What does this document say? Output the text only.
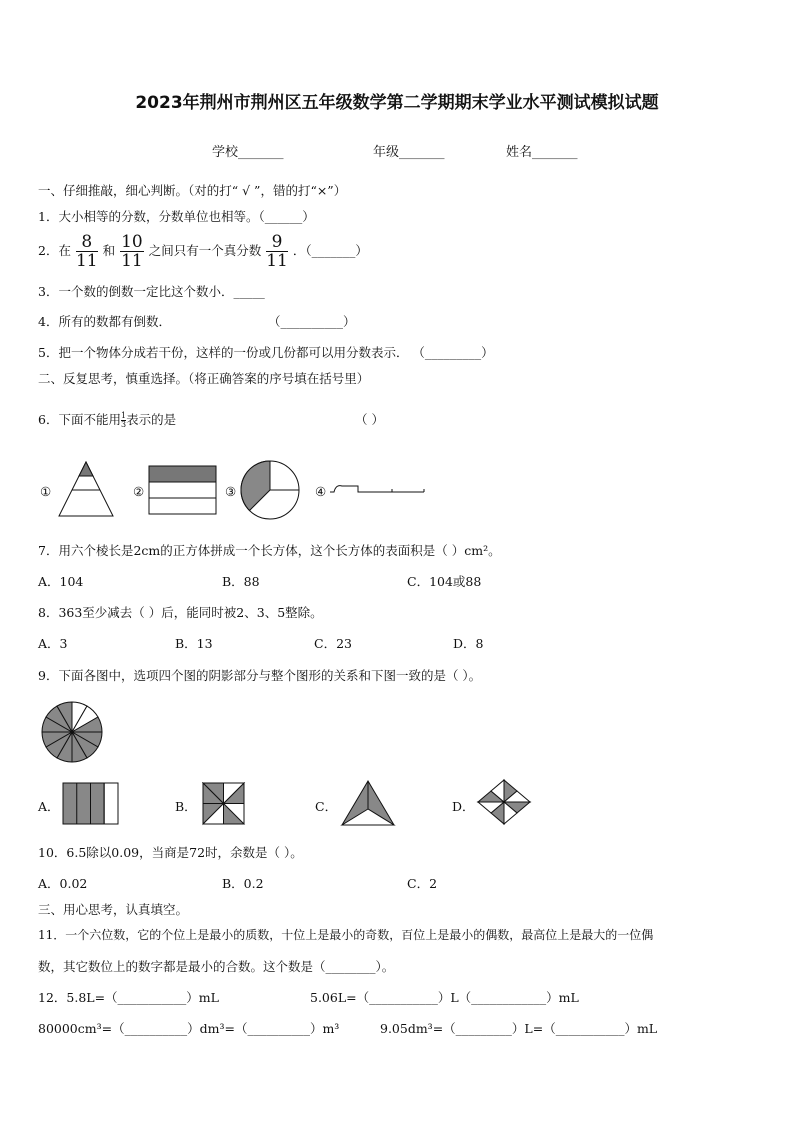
2023年荆州市荆州区五年级数学第二学期期末学业水平测试模拟试题
学校_______	年级_______	姓名_______
一、仔细推敲，细心判断。（对的打“ √ ”，错的打“×”）
1．大小相等的分数，分数单位也相等。（______）
2．在 $\frac{8}{11}$ 和 $\frac{10}{11}$ 之间只有一个真分数 $\frac{9}{11}$ ．（_______）
3．一个数的倒数一定比这个数小．_____
4．所有的数都有倒数．	（__________）
5．把一个物体分成若干份，这样的一份或几份都可以用分数表示． （_________）
二、反复思考，慎重选择。（将正确答案的序号填在括号里）
6．下面不能用 $\frac{1}{3}$表示的是	（ ）
①	②	③	④
7．用六个棱长是2cm的正方体拼成一个长方体，这个长方体的表面积是（ ）cm²。
A．104	B．88	C．104或88
8．363至少减去（ ）后，能同时被2、3、5整除。
A．3	B．13	C．23	D．8
9．下面各图中，选项四个图的阴影部分与整个图形的关系和下图一致的是（ ）。
A．	B．	C．	D．
10．6.5除以0.09，当商是72时，余数是（ ）。
A．0.02	B．0.2	C．2
三、用心思考，认真填空。
11．一个六位数，它的个位上是最小的质数，十位上是最小的奇数，百位上是最小的偶数，最高位上是最大的一位偶
数，其它数位上的数字都是最小的合数。这个数是（________）。
12．5.8L=（___________）mL	5.06L=（___________）L（____________）mL
80000cm³=（__________）dm³=（__________）m³	9.05dm³=（_________）L=（___________）mL
